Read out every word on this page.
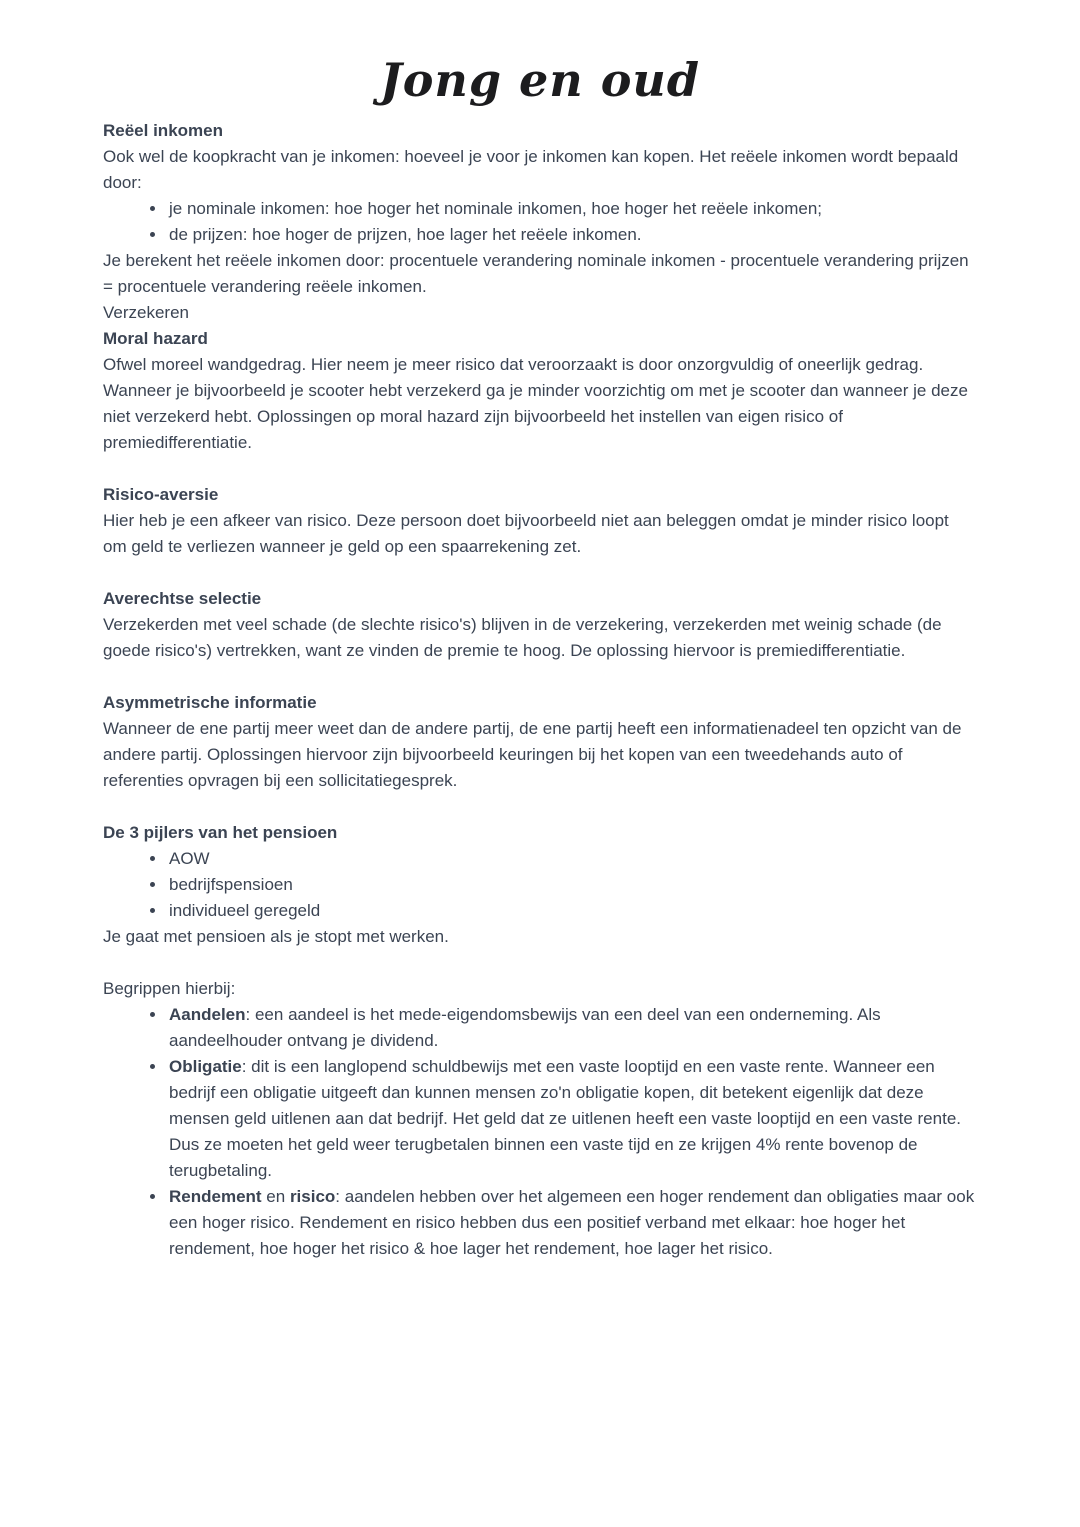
Jong en oud
Reëel inkomen

Ook wel de koopkracht van je inkomen: hoeveel je voor je inkomen kan kopen. Het reëele inkomen wordt bepaald door:

• je nominale inkomen: hoe hoger het nominale inkomen, hoe hoger het reëele inkomen;
• de prijzen: hoe hoger de prijzen, hoe lager het reëele inkomen.

Je berekent het reëele inkomen door: procentuele verandering nominale inkomen - procentuele verandering prijzen = procentuele verandering reëele inkomen.

Verzekeren

Moral hazard

Ofwel moreel wandgedrag. Hier neem je meer risico dat veroorzaakt is door onzorgvuldig of oneerlijk gedrag. Wanneer je bijvoorbeeld je scooter hebt verzekerd ga je minder voorzichtig om met je scooter dan wanneer je deze niet verzekerd hebt. Oplossingen op moral hazard zijn bijvoorbeeld het instellen van eigen risico of premiedifferentiatie.

Risico-aversie

Hier heb je een afkeer van risico. Deze persoon doet bijvoorbeeld niet aan beleggen omdat je minder risico loopt om geld te verliezen wanneer je geld op een spaarrekening zet.

Averechtse selectie

Verzekerden met veel schade (de slechte risico's) blijven in de verzekering, verzekerden met weinig schade (de goede risico's) vertrekken, want ze vinden de premie te hoog. De oplossing hiervoor is premiedifferentiatie.

Asymmetrische informatie

Wanneer de ene partij meer weet dan de andere partij, de ene partij heeft een informatienadeel ten opzicht van de andere partij. Oplossingen hiervoor zijn bijvoorbeeld keuringen bij het kopen van een tweedehands auto of referenties opvragen bij een sollicitatiegesprek.

De 3 pijlers van het pensioen
• AOW
• bedrijfspensioen
• individueel geregeld

Je gaat met pensioen als je stopt met werken.

Begrippen hierbij:

• Aandelen: een aandeel is het mede-eigendomsbewijs van een deel van een onderneming. Als aandeelhouder ontvang je dividend.
• Obligatie: dit is een langlopend schuldbewijs met een vaste looptijd en een vaste rente. Wanneer een bedrijf een obligatie uitgeeft dan kunnen mensen zo'n obligatie kopen, dit betekent eigenlijk dat deze mensen geld uitlenen aan dat bedrijf. Het geld dat ze uitlenen heeft een vaste looptijd en een vaste rente. Dus ze moeten het geld weer terugbetalen binnen een vaste tijd en ze krijgen 4% rente bovenop de terugbetaling.
• Rendement en risico: aandelen hebben over het algemeen een hoger rendement dan obligaties maar ook een hoger risico. Rendement en risico hebben dus een positief verband met elkaar: hoe hoger het rendement, hoe hoger het risico & hoe lager het rendement, hoe lager het risico.
